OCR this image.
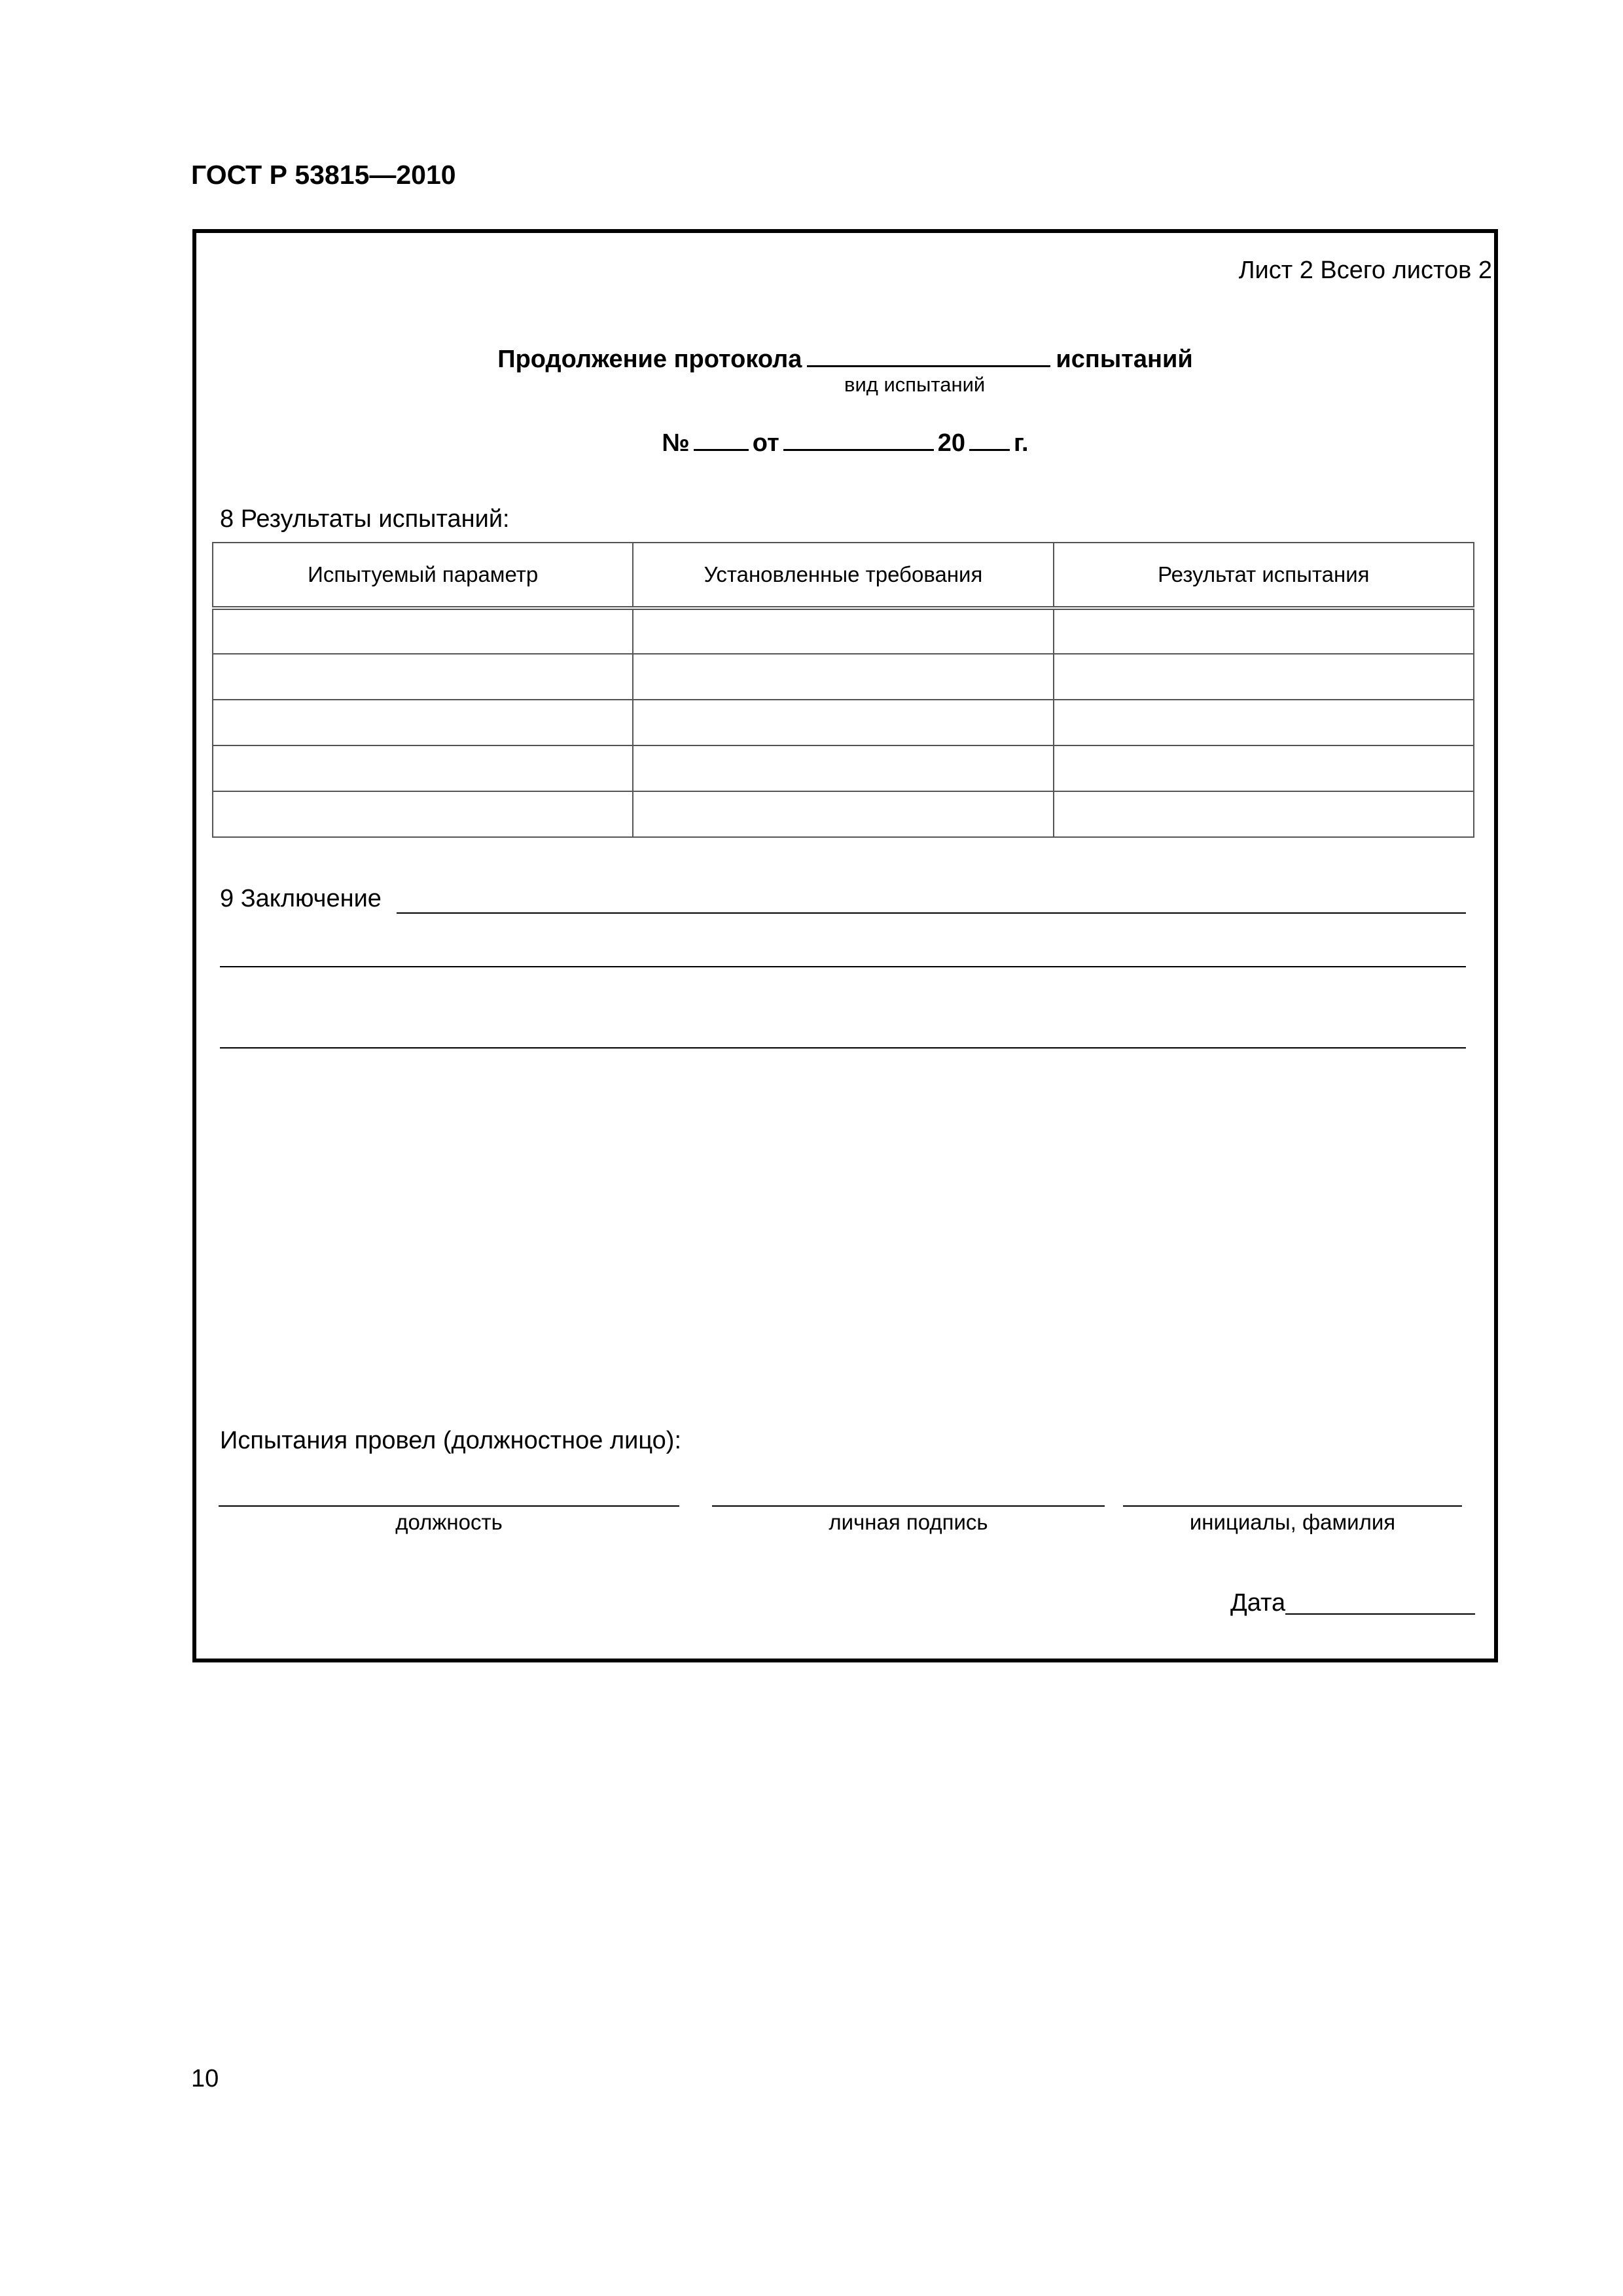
ГОСТ Р 53815—2010
Лист 2 Всего листов 2
Продолжение протокола	испытаний
вид испытаний
№	от	20 г.
8 Результаты испытаний:
Испытуемый параметр	Установленные требования	Результат испытания

9 Заключение
Испытания провел (должностное лицо):
должность	личная подпись	инициалы, фамилия
Дата
10
